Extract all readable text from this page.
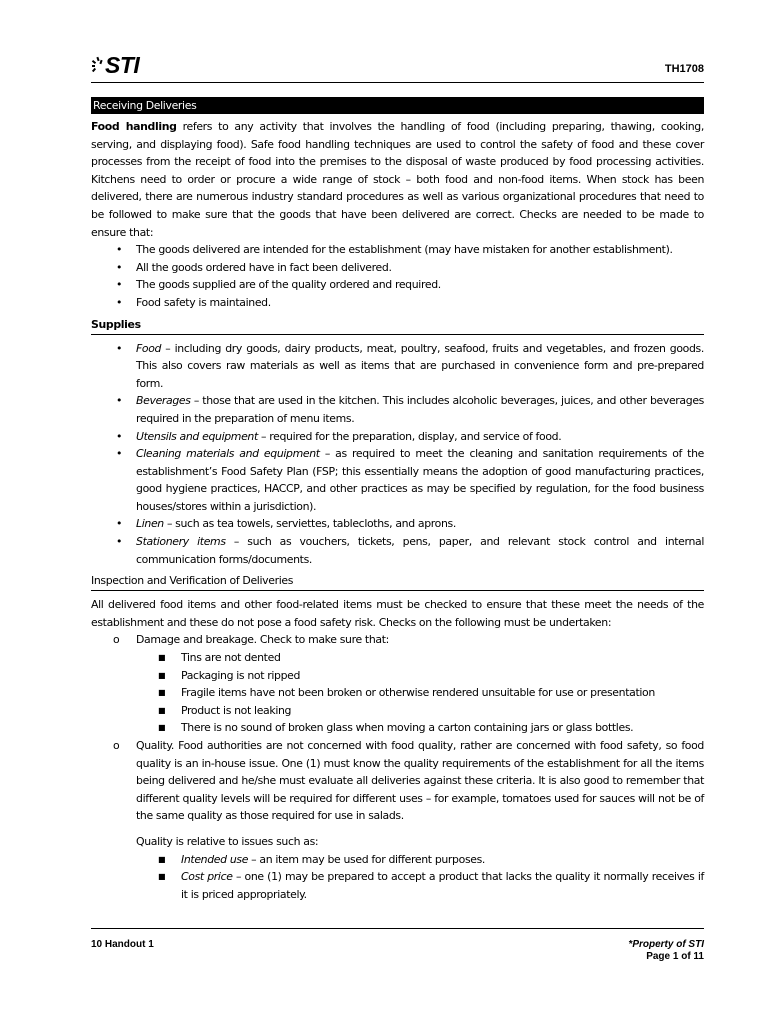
STI	TH1708
Receiving Deliveries

Food handling refers to any activity that involves the handling of food (including preparing, thawing, cooking, serving, and displaying food). Safe food handling techniques are used to control the safety of food and these cover processes from the receipt of food into the premises to the disposal of waste produced by food processing activities. Kitchens need to order or procure a wide range of stock – both food and non-food items. When stock has been delivered, there are numerous industry standard procedures as well as various organizational procedures that need to be followed to make sure that the goods that have been delivered are correct. Checks are needed to be made to ensure that:

• The goods delivered are intended for the establishment (may have mistaken for another establishment).
• All the goods ordered have in fact been delivered.
• The goods supplied are of the quality ordered and required.
• Food safety is maintained.
Supplies
• Food – including dry goods, dairy products, meat, poultry, seafood, fruits and vegetables, and frozen goods. This also covers raw materials as well as items that are purchased in convenience form and pre-prepared form.
• Beverages – those that are used in the kitchen. This includes alcoholic beverages, juices, and other beverages required in the preparation of menu items.
• Utensils and equipment – required for the preparation, display, and service of food.
• Cleaning materials and equipment – as required to meet the cleaning and sanitation requirements of the establishment’s Food Safety Plan (FSP; this essentially means the adoption of good manufacturing practices, good hygiene practices, HACCP, and other practices as may be specified by regulation, for the food business houses/stores within a jurisdiction).
• Linen – such as tea towels, serviettes, tablecloths, and aprons.
• Stationery items – such as vouchers, tickets, pens, paper, and relevant stock control and internal communication forms/documents.
Inspection and Verification of Deliveries

All delivered food items and other food-related items must be checked to ensure that these meet the needs of the establishment and these do not pose a food safety risk. Checks on the following must be undertaken:

o Damage and breakage. Check to make sure that:
■ Tins are not dented
■ Packaging is not ripped
■ Fragile items have not been broken or otherwise rendered unsuitable for use or presentation
■ Product is not leaking
■ There is no sound of broken glass when moving a carton containing jars or glass bottles.
o Quality. Food authorities are not concerned with food quality, rather are concerned with food safety, so food quality is an in-house issue. One (1) must know the quality requirements of the establishment for all the items being delivered and he/she must evaluate all deliveries against these criteria. It is also good to remember that different quality levels will be required for different uses – for example, tomatoes used for sauces will not be of the same quality as those required for use in salads.

Quality is relative to issues such as:

■ Intended use – an item may be used for different purposes.
■ Cost price – one (1) may be prepared to accept a product that lacks the quality it normally receives if it is priced appropriately.
10 Handout 1	*Property of STI
Page 1 of 11
